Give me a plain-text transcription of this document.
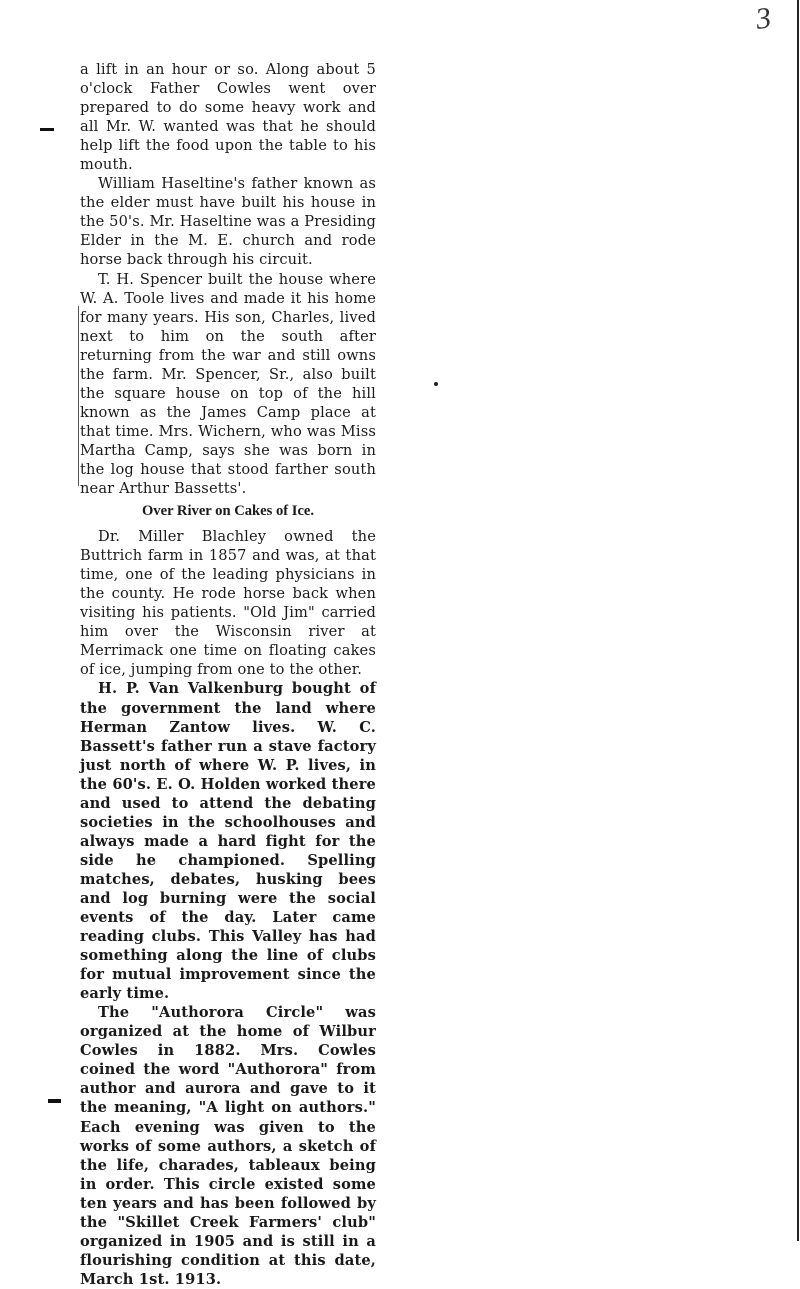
3

a lift in an hour or so. Along about 5 o'clock Father Cowles went over prepared to do some heavy work and all Mr. W. wanted was that he should help lift the food upon the table to his mouth.

William Haseltine's father known as the elder must have built his house in the 50's. Mr. Haseltine was a Presiding Elder in the M. E. church and rode horse back through his circuit.

T. H. Spencer built the house where W. A. Toole lives and made it his home for many years. His son, Charles, lived next to him on the south after returning from the war and still owns the farm. Mr. Spencer, Sr., also built the square house on top of the hill known as the James Camp place at that time. Mrs. Wichern, who was Miss Martha Camp, says she was born in the log house that stood farther south near Arthur Bassetts'.

Over River on Cakes of Ice.

Dr. Miller Blachley owned the Buttrich farm in 1857 and was, at that time, one of the leading physicians in the county. He rode horse back when visiting his patients. "Old Jim" carried him over the Wisconsin river at Merrimack one time on floating cakes of ice, jumping from one to the other.

H. P. Van Valkenburg bought of the government the land where Herman Zantow lives. W. C. Bassett's father run a stave factory just north of where W. P. lives, in the 60's. E. O. Holden worked there and used to attend the debating societies in the schoolhouses and always made a hard fight for the side he championed. Spelling matches, debates, husking bees and log burning were the social events of the day. Later came reading clubs. This Valley has had something along the line of clubs for mutual improvement since the early time.

The "Authorora Circle" was organized at the home of Wilbur Cowles in 1882. Mrs. Cowles coined the word "Authorora" from author and aurora and gave to it the meaning, "A light on authors." Each evening was given to the works of some authors, a sketch of the life, charades, tableaux being in order. This circle existed some ten years and has been followed by the "Skillet Creek Farmers' club" organized in 1905 and is still in a flourishing condition at this date, March 1st. 1913.
